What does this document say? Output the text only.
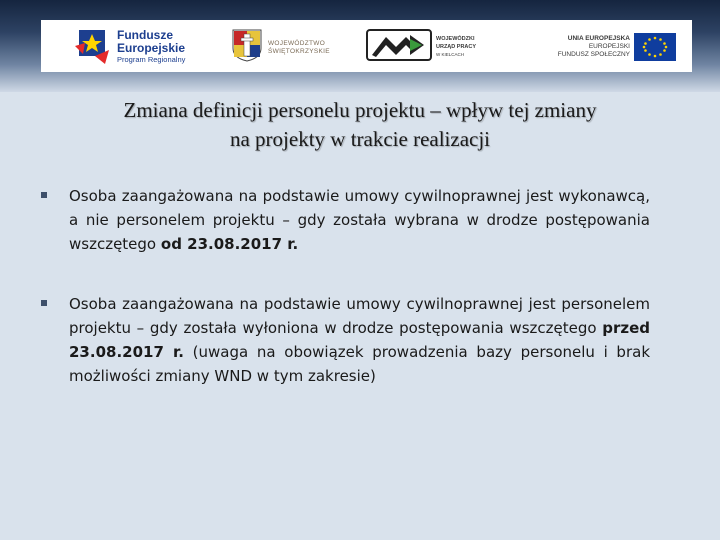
Fundusze
Europejskie
Program Regionalny
WOJEWÓDZTWO
ŚWIĘTOKRZYSKIE
WOJEWÓDZKI
URZĄD PRACY
W KIELCACH
UNIA EUROPEJSKA
EUROPEJSKI
FUNDUSZ SPOŁECZNY
Zmiana definicji personelu projektu – wpływ tej zmiany
na projekty w trakcie realizacji
Osoba zaangażowana na podstawie umowy cywilnoprawnej jest wykonawcą, a nie personelem projektu – gdy została wybrana w drodze postępowania wszczętego od 23.08.2017 r.
Osoba zaangażowana na podstawie umowy cywilnoprawnej jest personelem projektu – gdy została wyłoniona w drodze postępowania wszczętego przed 23.08.2017 r. (uwaga na obowiązek prowadzenia bazy personelu i brak możliwości zmiany WND w tym zakresie)
